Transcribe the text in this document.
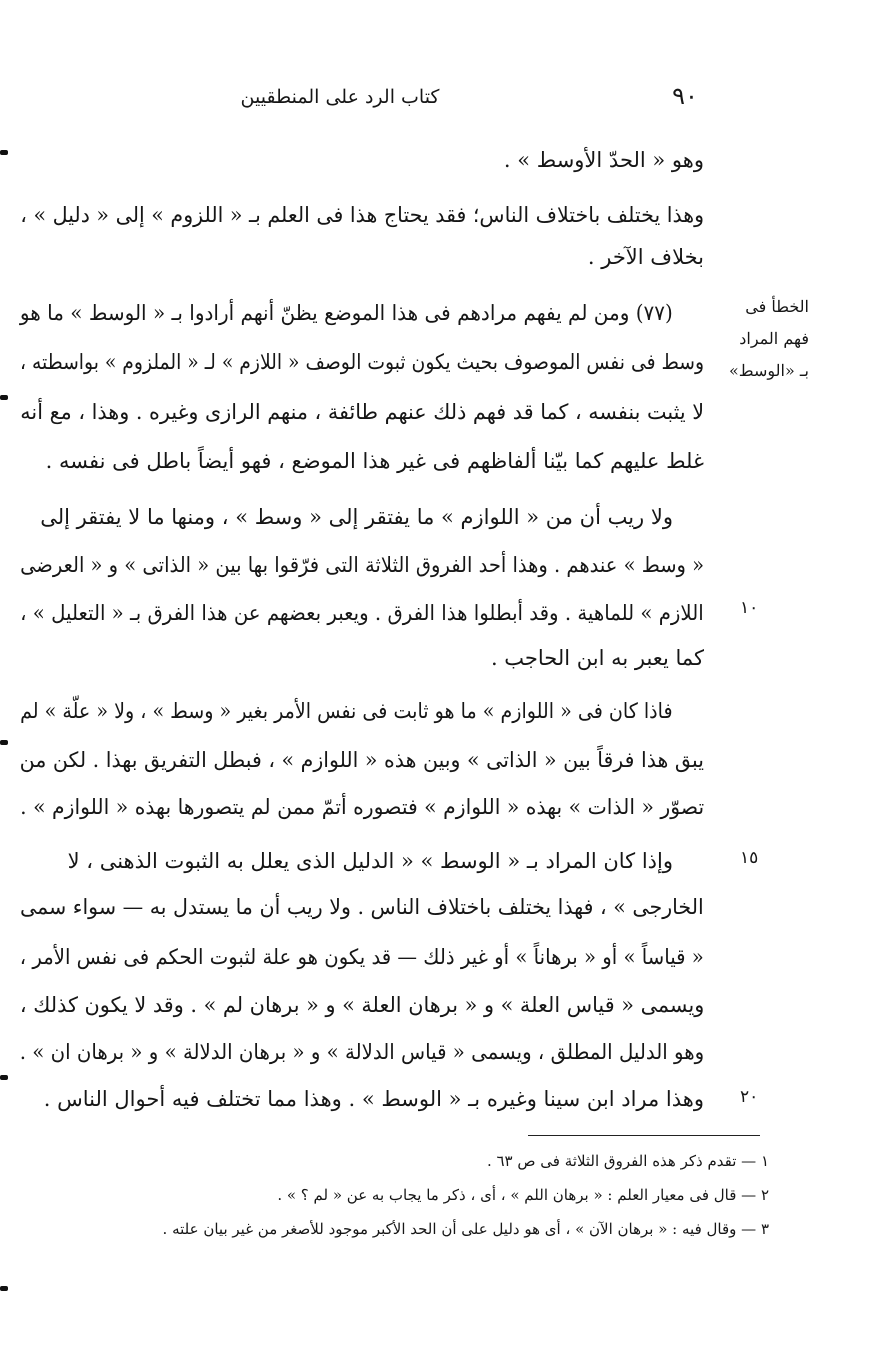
٩٠
كتاب الرد على المنطقيين
الخطأ فى
فهم المراد
بـ «الوسط»
١٠
١٥
٢٠
وهو « الحدّ الأوسط » .
وهذا يختلف باختلاف الناس؛ فقد يحتاج هذا فى العلم بـ « اللزوم » إلى « دليل » ،
بخلاف الآخر .
(٧٧) ومن لم يفهم مرادهم فى هذا الموضع يظنّ أنهم أرادوا بـ « الوسط » ما هو
وسط فى نفس الموصوف بحيث يكون ثبوت الوصف « اللازم » لـ « الملزوم » بواسطته ،
لا يثبت بنفسه ، كما قد فهم ذلك عنهم طائفة ، منهم الرازى وغيره . وهذا ، مع أنه
غلط عليهم كما بيّنا ألفاظهم فى غير هذا الموضع ، فهو أيضاً باطل فى نفسه .
ولا ريب أن من « اللوازم » ما يفتقر إلى « وسط » ، ومنها ما لا يفتقر إلى
« وسط » عندهم . وهذا أحد الفروق الثلاثة التى فرّقوا بها بين « الذاتى » و « العرضى
اللازم » للماهية . وقد أبطلوا هذا الفرق . ويعبر بعضهم عن هذا الفرق بـ « التعليل » ،
كما يعبر به ابن الحاجب .
فاذا كان فى « اللوازم » ما هو ثابت فى نفس الأمر بغير « وسط » ، ولا « علّة » لم
يبق هذا فرقاً بين « الذاتى » وبين هذه « اللوازم » ، فبطل التفريق بهذا . لكن من
تصوّر « الذات » بهذه « اللوازم » فتصوره أتمّ ممن لم يتصورها بهذه « اللوازم » .
وإذا كان المراد بـ « الوسط » « الدليل الذى يعلل به الثبوت الذهنى ، لا
الخارجى » ، فهذا يختلف باختلاف الناس . ولا ريب أن ما يستدل به — سواء سمى
« قياساً » أو « برهاناً » أو غير ذلك — قد يكون هو علة لثبوت الحكم فى نفس الأمر ،
ويسمى « قياس العلة » و « برهان العلة » و « برهان لم » . وقد لا يكون كذلك ،
وهو الدليل المطلق ، ويسمى « قياس الدلالة » و « برهان الدلالة » و « برهان ان » .
وهذا مراد ابن سينا وغيره بـ « الوسط » . وهذا مما تختلف فيه أحوال الناس .
١ — تقدم ذكر هذه الفروق الثلاثة فى ص ٦٣ .
٢ — قال فى معيار العلم : « برهان اللم » ، أى ، ذكر ما يجاب به عن « لم ؟ » .
٣ — وقال فيه : « برهان الآن » ، أى هو دليل على أن الحد الأكبر موجود للأصغر من غير بيان علته .
